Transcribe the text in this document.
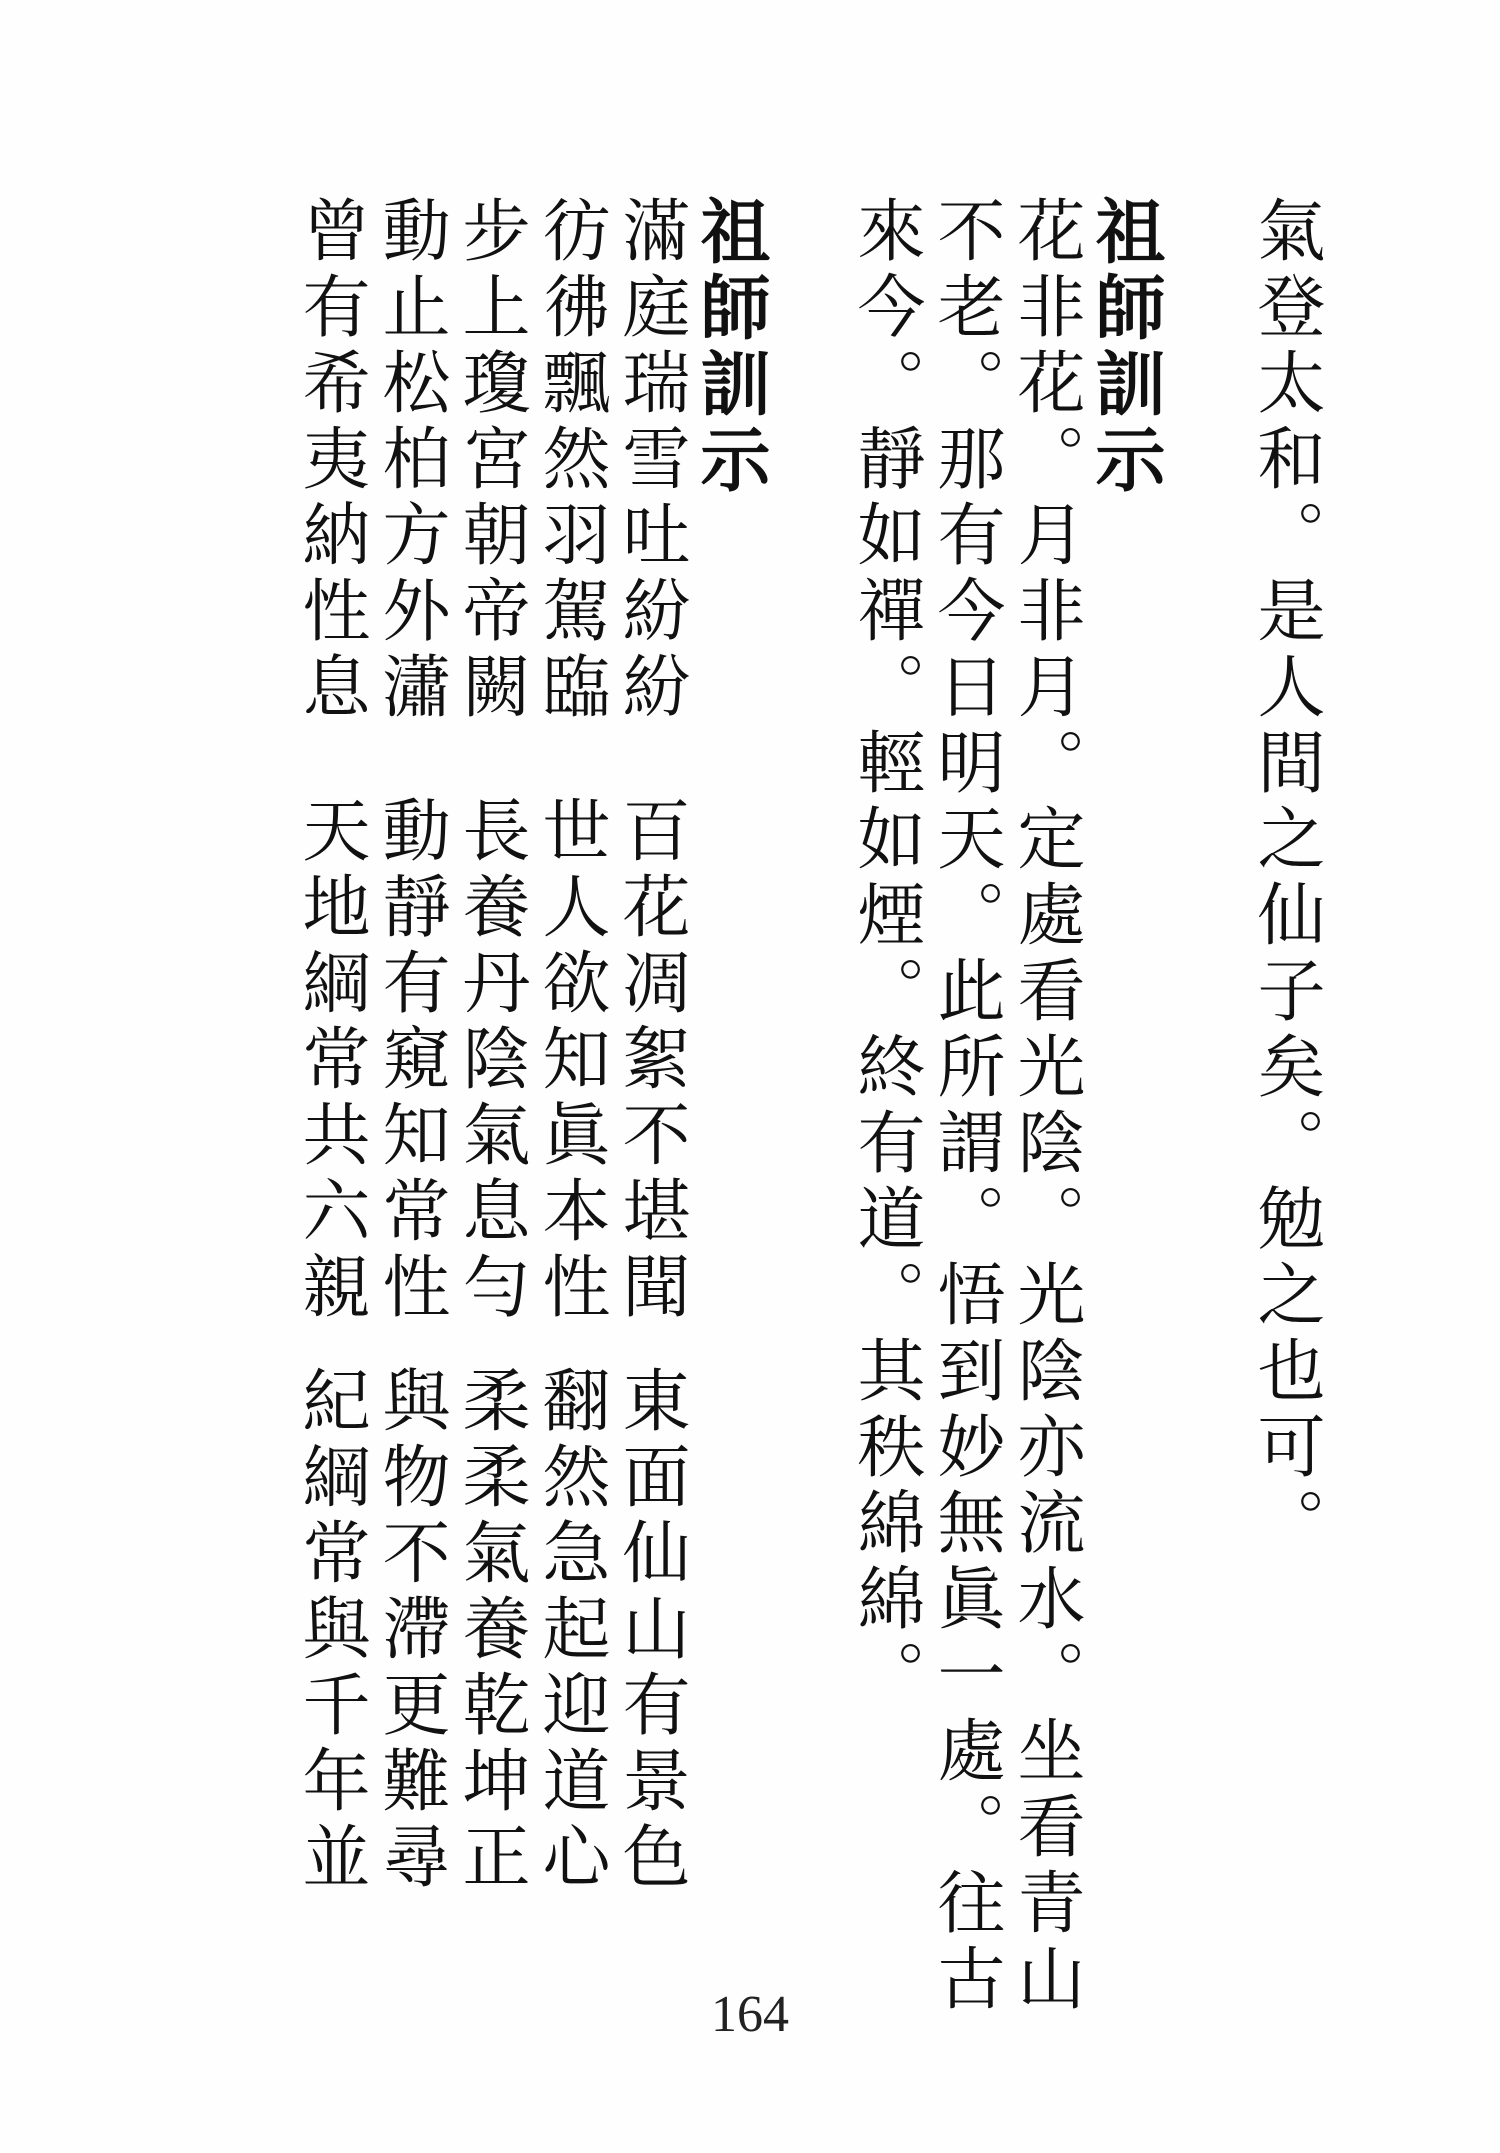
氣登太和。是人間之仙子矣。勉之也可。
祖師訓示
花非花。月非月。定處看光陰。光陰亦流水。坐看青山
不老。那有今日明天。此所謂。悟到妙無眞一處。往古
來今。靜如禪。輕如煙。終有道。其秩綿綿。
祖師訓示
滿庭瑞雪吐紛紛
彷彿飄然羽駕臨
步上瓊宮朝帝闕
動止松柏方外瀟
曾有希夷納性息
百花凋絮不堪聞
世人欲知眞本性
長養丹陰氣息勻
動靜有窺知常性
天地綱常共六親
東面仙山有景色
翻然急起迎道心
柔柔氣養乾坤正
與物不滯更難尋
紀綱常與千年並
164
